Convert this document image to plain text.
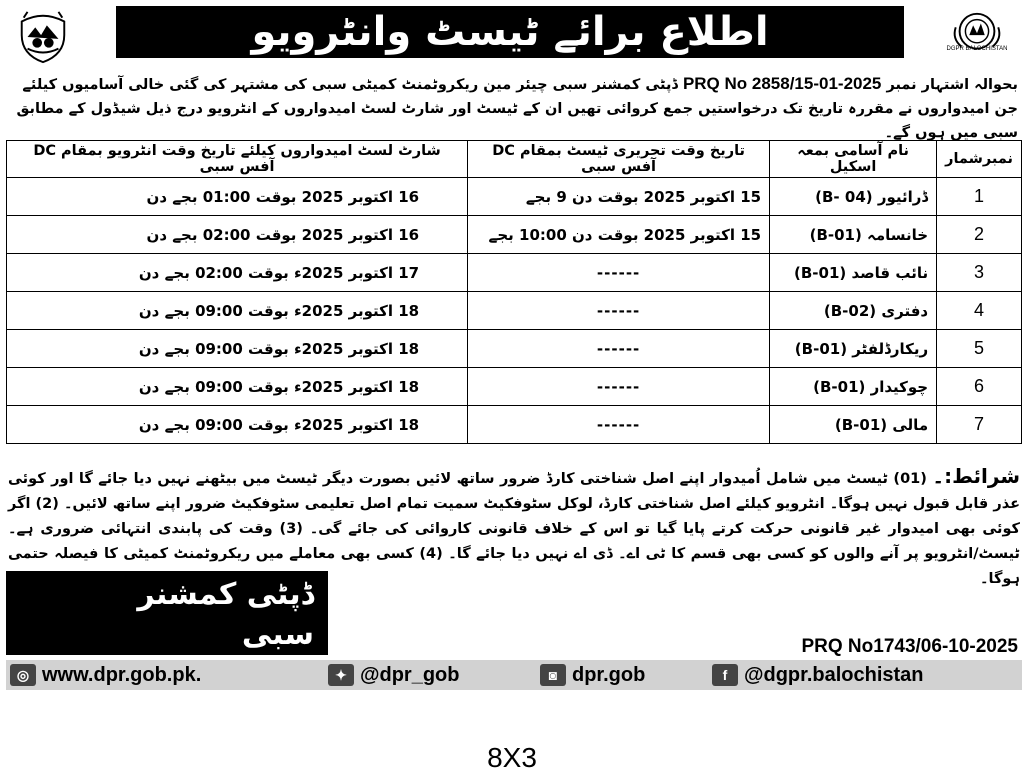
اطلاع برائے ٹیسٹ وانٹرویو	DGPR BALOCHISTAN
بحوالہ اشتہار نمبر PRQ No 2858/15-01-2025 ڈپٹی کمشنر سبی چیئر مین ریکروٹمنٹ کمیٹی سبی کی مشتہر کی گئی خالی آسامیوں کیلئے جن امیدواروں نے مقررہ تاریخ تک درخواستیں جمع کروائی تھیں ان کے ٹیسٹ اور شارٹ لسٹ امیدواروں کے انٹرویو درج ذیل شیڈول کے مطابق سبی میں ہوں گے۔
نمبرشمار	نام آسامی بمعہ اسکیل	تاریخ وقت تحریری ٹیسٹ بمقام DC آفس سبی	شارٹ لسٹ امیدواروں کیلئے تاریخ وقت انٹرویو بمقام DC آفس سبی
1	ڈرائیور (B- 04)	15 اکتوبر 2025 بوقت دن 9 بجے	16 اکتوبر 2025 بوقت 01:00 بجے دن
2	خانسامہ (B-01)	15 اکتوبر 2025 بوقت دن 10:00 بجے	16 اکتوبر 2025 بوقت 02:00 بجے دن
3	نائب قاصد (B-01)	------	17 اکتوبر 2025ء بوقت 02:00 بجے دن
4	دفتری (B-02)	------	18 اکتوبر 2025ء بوقت 09:00 بجے دن
5	ریکارڈلفٹر (B-01)	------	18 اکتوبر 2025ء بوقت 09:00 بجے دن
6	چوکیدار (B-01)	------	18 اکتوبر 2025ء بوقت 09:00 بجے دن
7	مالی (B-01)	------	18 اکتوبر 2025ء بوقت 09:00 بجے دن
شرائط:۔ (01) ٹیسٹ میں شامل اُمیدوار اپنے اصل شناختی کارڈ ضرور ساتھ لائیں بصورت دیگر ٹیسٹ میں بیٹھنے نہیں دیا جائے گا اور کوئی عذر قابل قبول نہیں ہوگا۔ انٹرویو کیلئے اصل شناختی کارڈ، لوکل سٹوفکیٹ سمیت تمام اصل تعلیمی سٹوفکیٹ ضرور اپنے ساتھ لائیں۔ (2) اگر کوئی بھی امیدوار غیر قانونی حرکت کرتے پایا گیا تو اس کے خلاف قانونی کاروائی کی جائے گی۔ (3) وقت کی پابندی انتہائی ضروری ہے۔ ٹیسٹ/انٹرویو پر آنے والوں کو کسی بھی قسم کا ٹی اے۔ ڈی اے نہیں دیا جائے گا۔ (4) کسی بھی معاملے میں ریکروٹمنٹ کمیٹی کا فیصلہ حتمی ہوگا۔
ڈپٹی کمشنر
سبی	PRQ No1743/06-10-2025
◎ www.dpr.gob.pk.	✦ @dpr_gob	◙ dpr.gob	f @dgpr.balochistan
8X3
